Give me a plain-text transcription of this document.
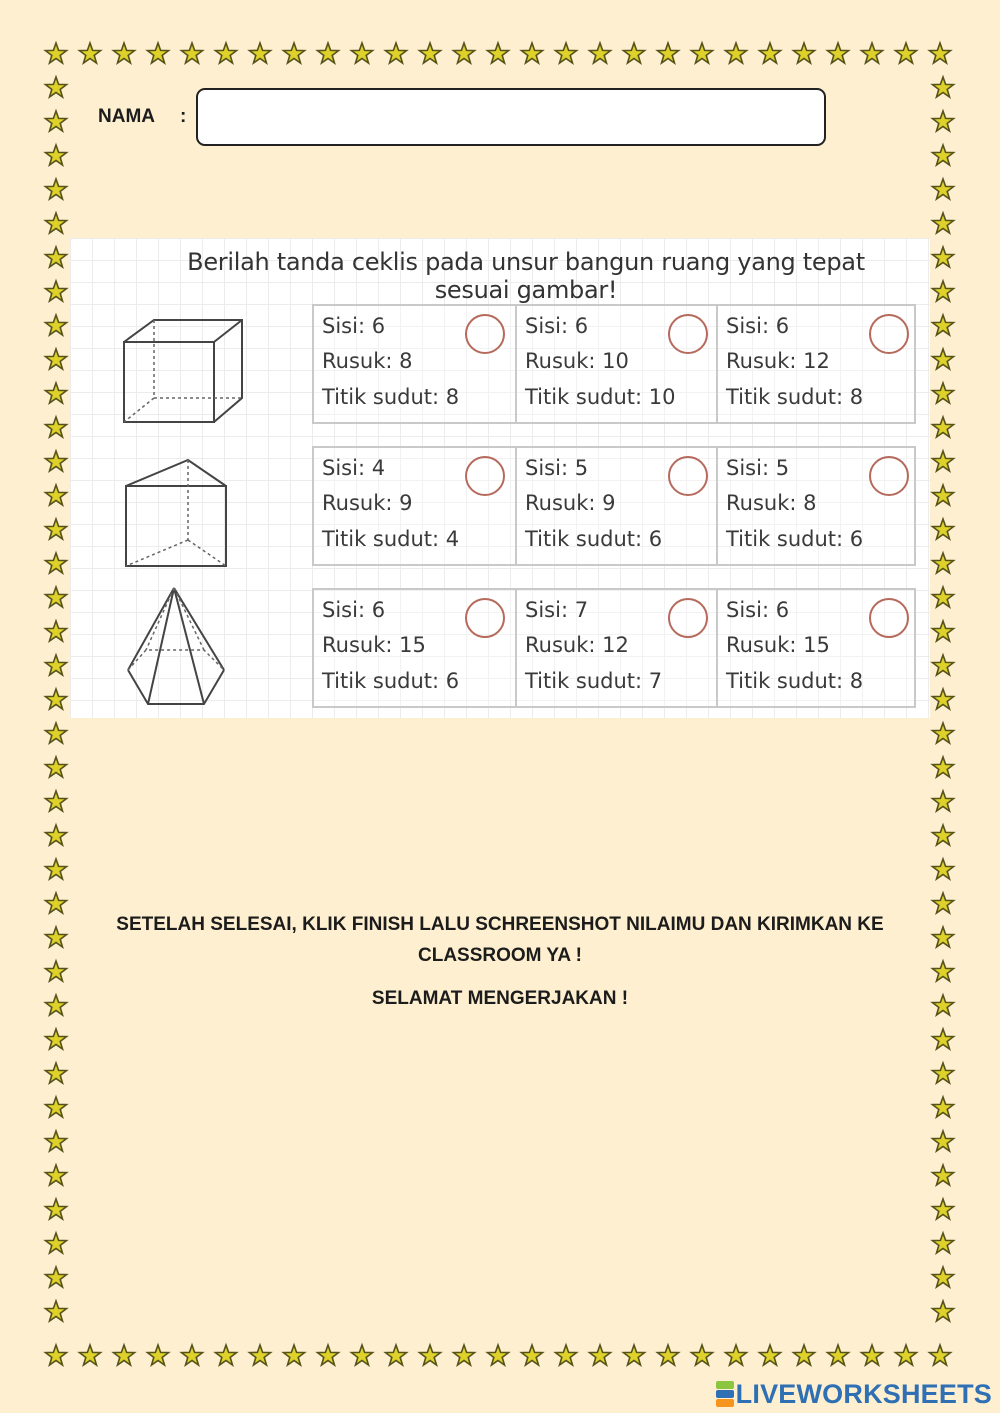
NAMA :
Berilah tanda ceklis pada unsur bangun ruang yang tepat sesuai gambar!
Sisi: 6
Rusuk: 8
Titik sudut: 8
Sisi: 6
Rusuk: 10
Titik sudut: 10
Sisi: 6
Rusuk: 12
Titik sudut: 8
Sisi: 4
Rusuk: 9
Titik sudut: 4
Sisi: 5
Rusuk: 9
Titik sudut: 6
Sisi: 5
Rusuk: 8
Titik sudut: 6
Sisi: 6
Rusuk: 15
Titik sudut: 6
Sisi: 7
Rusuk: 12
Titik sudut: 7
Sisi: 6
Rusuk: 15
Titik sudut: 8
SETELAH SELESAI, KLIK FINISH LALU SCHREENSHOT NILAIMU DAN KIRIMKAN KE
CLASSROOM YA !
SELAMAT MENGERJAKAN !
LIVEWORKSHEETS
